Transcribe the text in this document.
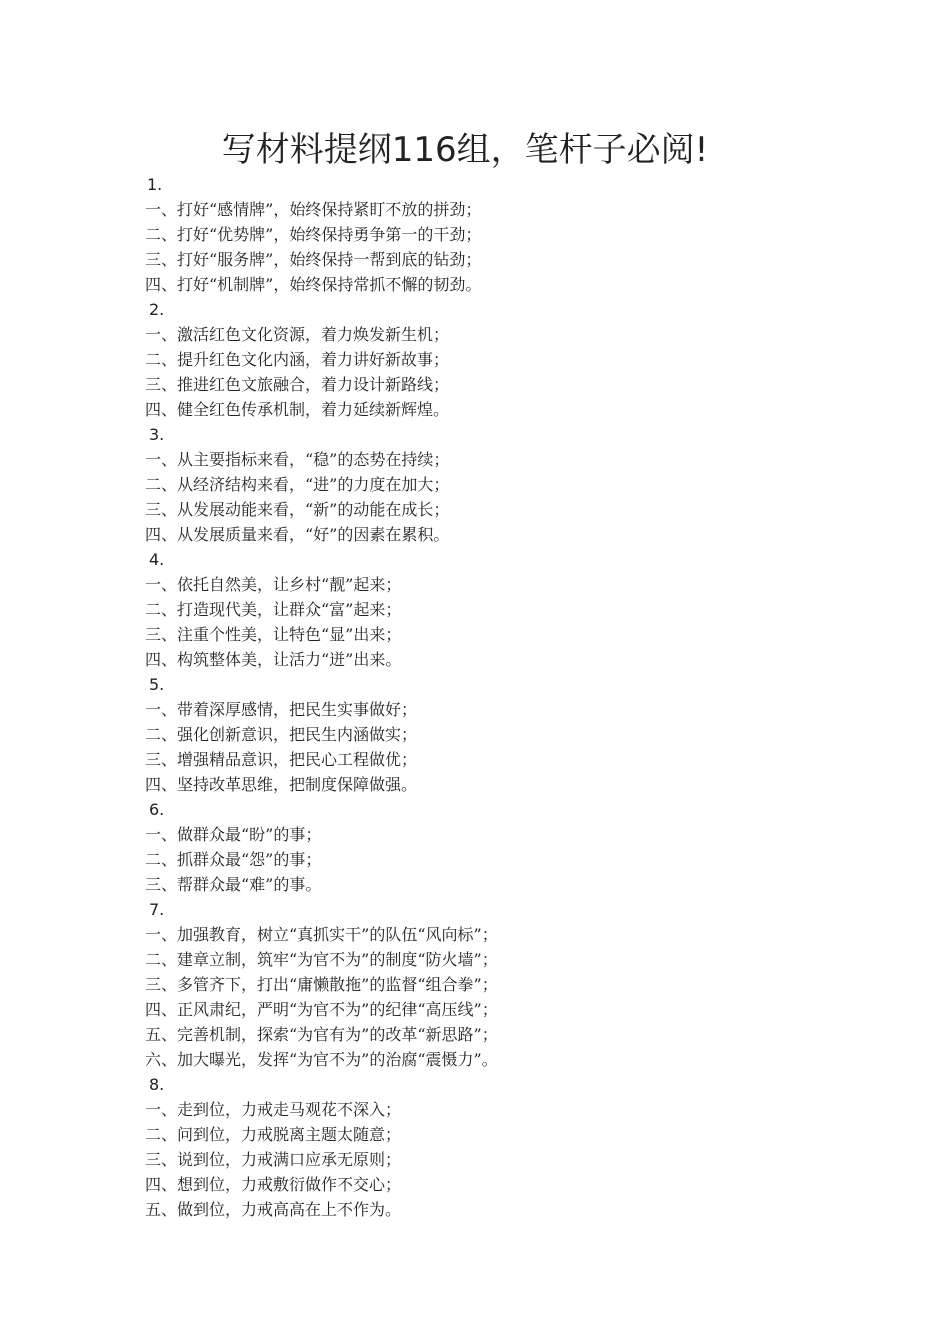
写材料提纲116组，笔杆子必阅!
1.
一、打好“感情牌”，始终保持紧盯不放的拼劲；
二、打好“优势牌”，始终保持勇争第一的干劲；
三、打好“服务牌”，始终保持一帮到底的钻劲；
四、打好“机制牌”，始终保持常抓不懈的韧劲。
2.
一、激活红色文化资源，着力焕发新生机；
二、提升红色文化内涵，着力讲好新故事；
三、推进红色文旅融合，着力设计新路线；
四、健全红色传承机制，着力延续新辉煌。
3.
一、从主要指标来看，“稳”的态势在持续；
二、从经济结构来看，“进”的力度在加大；
三、从发展动能来看，“新”的动能在成长；
四、从发展质量来看，“好”的因素在累积。
4.
一、依托自然美，让乡村“靓”起来；
二、打造现代美，让群众“富”起来；
三、注重个性美，让特色“显”出来；
四、构筑整体美，让活力“迸”出来。
5.
一、带着深厚感情，把民生实事做好；
二、强化创新意识，把民生内涵做实；
三、增强精品意识，把民心工程做优；
四、坚持改革思维，把制度保障做强。
6.
一、做群众最“盼”的事；
二、抓群众最“怨”的事；
三、帮群众最“难”的事。
7.
一、加强教育，树立“真抓实干”的队伍“风向标”；
二、建章立制，筑牢“为官不为”的制度“防火墙”；
三、多管齐下，打出“庸懒散拖”的监督“组合拳”；
四、正风肃纪，严明“为官不为”的纪律“高压线”；
五、完善机制，探索“为官有为”的改革“新思路”；
六、加大曝光，发挥“为官不为”的治腐“震慑力”。
8.
一、走到位，力戒走马观花不深入；
二、问到位，力戒脱离主题太随意；
三、说到位，力戒满口应承无原则；
四、想到位，力戒敷衍做作不交心；
五、做到位，力戒高高在上不作为。
